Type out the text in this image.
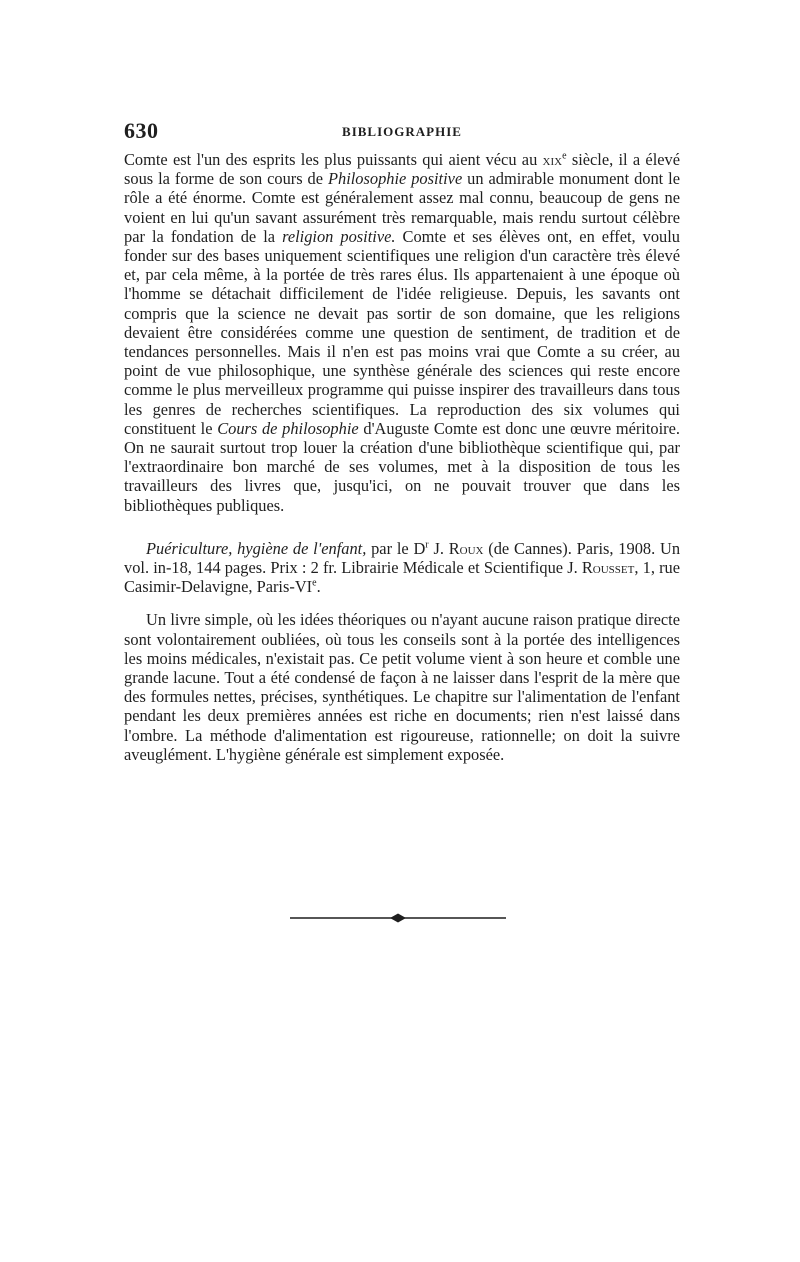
630	BIBLIOGRAPHIE

Comte est l'un des esprits les plus puissants qui aient vécu au xix$^e$ siècle, il a élevé sous la forme de son cours de Philosophie positive un admirable monument dont le rôle a été énorme. Comte est généralement assez mal connu, beaucoup de gens ne voient en lui qu'un savant assurément très remarquable, mais rendu surtout célèbre par la fondation de la religion positive. Comte et ses élèves ont, en effet, voulu fonder sur des bases uniquement scientifiques une religion d'un caractère très élevé et, par cela même, à la portée de très rares élus. Ils appartenaient à une époque où l'homme se détachait difficilement de l'idée religieuse. Depuis, les savants ont compris que la science ne devait pas sortir de son domaine, que les religions devaient être considérées comme une question de sentiment, de tradition et de tendances personnelles. Mais il n'en est pas moins vrai que Comte a su créer, au point de vue philosophique, une synthèse générale des sciences qui reste encore comme le plus merveilleux programme qui puisse inspirer des travailleurs dans tous les genres de recherches scientifiques. La reproduction des six volumes qui constituent le Cours de philosophie d'Auguste Comte est donc une œuvre méritoire. On ne saurait surtout trop louer la création d'une bibliothèque scientifique qui, par l'extraordinaire bon marché de ses volumes, met à la disposition de tous les travailleurs des livres que, jusqu'ici, on ne pouvait trouver que dans les bibliothèques publiques.

Puériculture, hygiène de l'enfant, par le $D^r$ J. Roux (de Cannes). Paris, 1908. Un vol. in-18, 144 pages. Prix : 2 fr. Librairie Médicale et Scientifique J. Rousset, 1, rue Casimir-Delavigne, Paris-VIe.

Un livre simple, où les idées théoriques ou n'ayant aucune raison pratique directe sont volontairement oubliées, où tous les conseils sont à la portée des intelligences les moins médicales, n'existait pas. Ce petit volume vient à son heure et comble une grande lacune. Tout a été condensé de façon à ne laisser dans l'esprit de la mère que des formules nettes, précises, synthétiques. Le chapitre sur l'alimentation de l'enfant pendant les deux premières années est riche en documents; rien n'est laissé dans l'ombre. La méthode d'alimentation est rigoureuse, rationnelle; on doit la suivre aveuglément. L'hygiène générale est simplement exposée.
